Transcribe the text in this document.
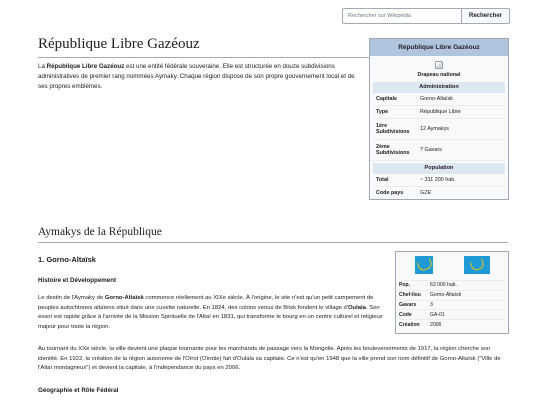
Rechercher sur Wikipédia
Rechercher
République Libre Gazéouz

La République Libre Gazéouz est une entité fédérale souveraine. Elle est structurée en douze subdivisions administratives de premier rang nommées Aymaky. Chaque région dispose de son propre gouvernement local et de ses propres emblèmes.

République Libre Gazéouz
Drapeau national
Administration
Capitale	Gorno-Altaïsk
Type	République Libre
1ère Subdivisions	12 Aymakys
2ème Subdivisions	? Gavars
Population
Total	~ 311 200 hab.
Code pays	GZE
Aymakys de la République
1. Gorno-Altaïsk
Histoire et Développement

Le destin de l'Aymaky de Gorno-Altaïsk commence réellement au XIXe siècle. À l'origine, le site n'est qu'un petit campement de peuples autochtones altaïens situé dans une cuvette naturelle. En 1824, des colons venus de Biïsk fondent le village d'Oulala. Son essor est rapide grâce à l'arrivée de la Mission Spirituelle de l'Altaï en 1831, qui transforme le bourg en un centre culturel et religieux majeur pour toute la région.

Au tournant du XXe siècle, la ville devient une plaque tournante pour les marchands de passage vers la Mongolie. Après les bouleversements de 1917, la région cherche son identité. En 1922, la création de la région autonome de l'Oïrot (Oïrotie) fait d'Oulala sa capitale. Ce n'est qu'en 1948 que la ville prend son nom définitif de Gorno-Altaïsk ("Ville de l'Altaï montagneux") et devient la capitale, à l'indépendance du pays en 2006.

Géographie et Rôle Fédéral
Pop.	63 000 hab.
Chef-lieu	Gorno-Altaïsk
Gavars	3
Code	GA-01
Création	2006
